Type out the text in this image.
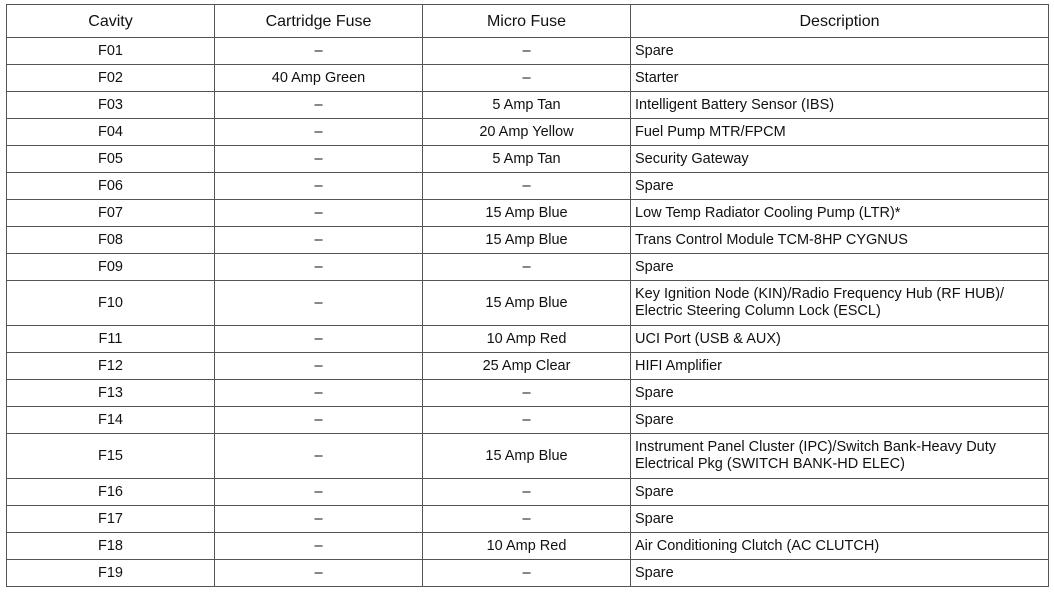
Cavity	Cartridge Fuse	Micro Fuse	Description
F01	–	–	Spare
F02	40 Amp Green	–	Starter
F03	–	5 Amp Tan	Intelligent Battery Sensor (IBS)
F04	–	20 Amp Yellow	Fuel Pump MTR/FPCM
F05	–	5 Amp Tan	Security Gateway
F06	–	–	Spare
F07	–	15 Amp Blue	Low Temp Radiator Cooling Pump (LTR)*
F08	–	15 Amp Blue	Trans Control Module TCM-8HP CYGNUS
F09	–	–	Spare
F10	–	15 Amp Blue	Key Ignition Node (KIN)/Radio Frequency Hub (RF HUB)/ Electric Steering Column Lock (ESCL)
F11	–	10 Amp Red	UCI Port (USB & AUX)
F12	–	25 Amp Clear	HIFI Amplifier
F13	–	–	Spare
F14	–	–	Spare
F15	–	15 Amp Blue	Instrument Panel Cluster (IPC)/Switch Bank-Heavy Duty Electrical Pkg (SWITCH BANK-HD ELEC)
F16	–	–	Spare
F17	–	–	Spare
F18	–	10 Amp Red	Air Conditioning Clutch (AC CLUTCH)
F19	–	–	Spare
